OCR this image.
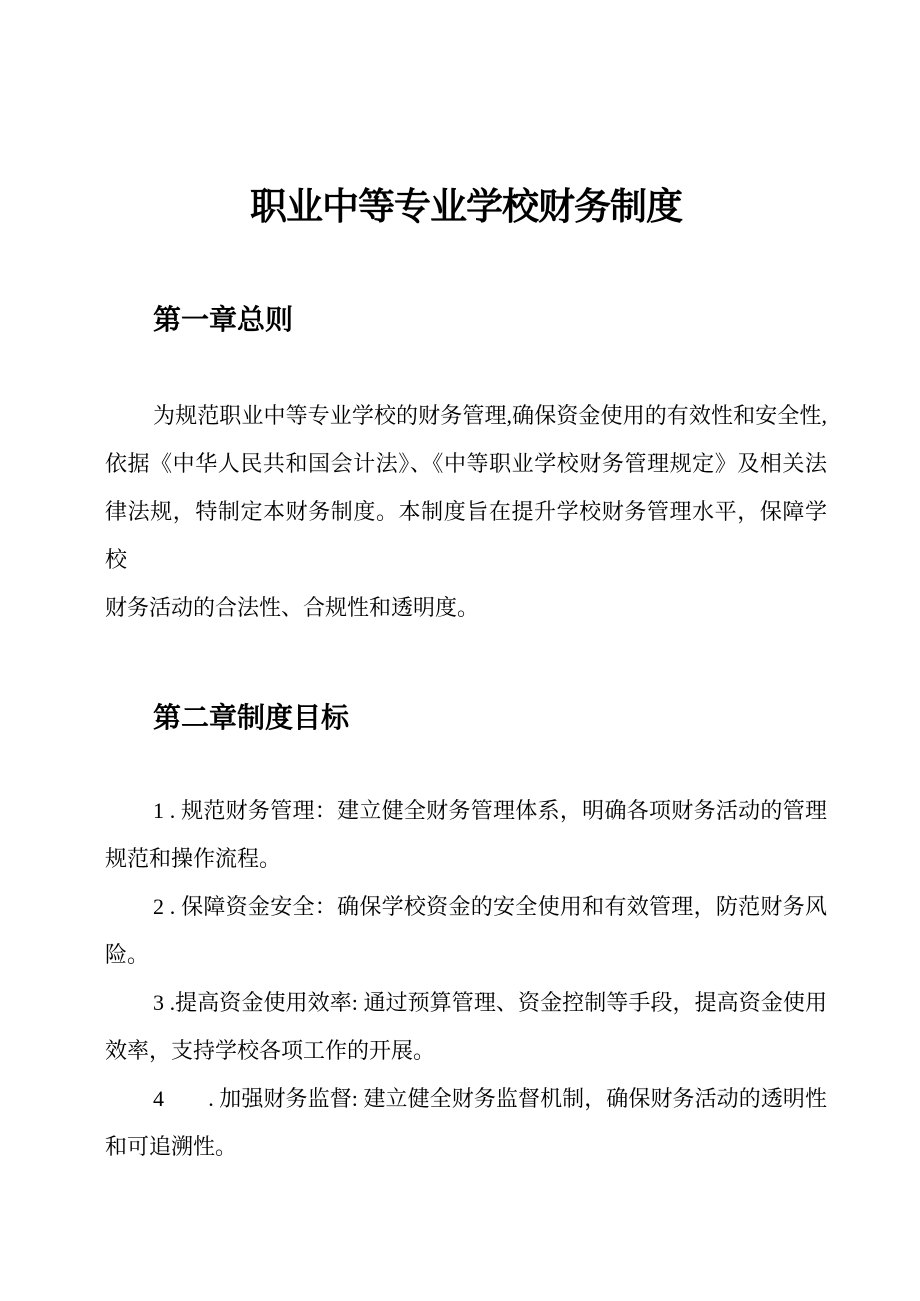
职业中等专业学校财务制度
第一章总则
为规范职业中等专业学校的财务管理,确保资金使用的有效性和安全性,
依据《中华人民共和国会计法》、《中等职业学校财务管理规定》及相关法
律法规，特制定本财务制度。本制度旨在提升学校财务管理水平，保障学校
财务活动的合法性、合规性和透明度。
第二章制度目标
1 . 规范财务管理：建立健全财务管理体系，明确各项财务活动的管理
规范和操作流程。
2 . 保障资金安全：确保学校资金的安全使用和有效管理，防范财务风
险。
3 .提高资金使用效率: 通过预算管理、资金控制等手段，提高资金使用
效率，支持学校各项工作的开展。
4　　. 加强财务监督: 建立健全财务监督机制，确保财务活动的透明性
和可追溯性。
